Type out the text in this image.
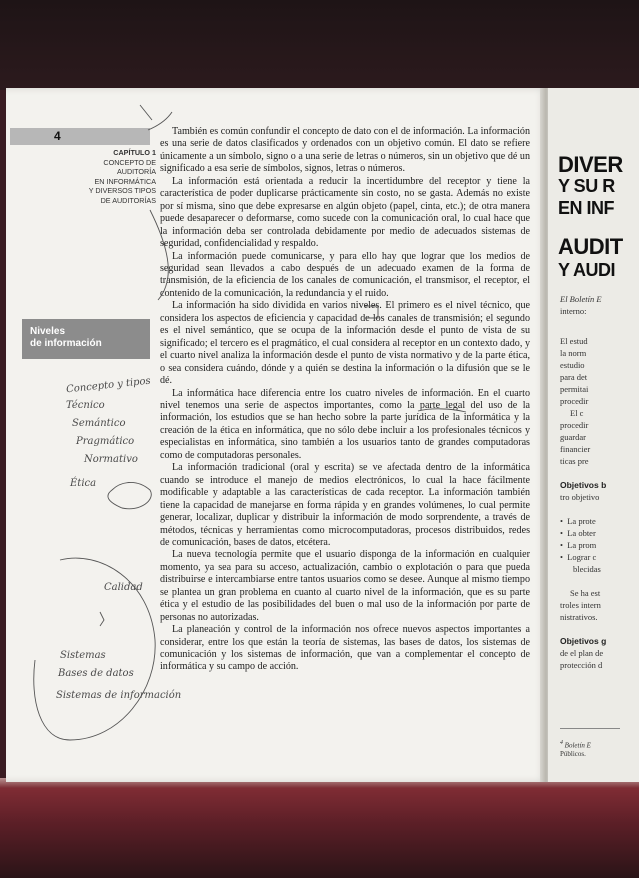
4
CAPÍTULO 1
CONCEPTO DE
AUDITORÍA
EN INFORMÁTICA
Y DIVERSOS TIPOS
DE AUDITORÍAS
Niveles
de información

También es común confundir el concepto de dato con el de información. La información es una serie de datos clasificados y ordenados con un objetivo común. El dato se refiere únicamente a un símbolo, signo o a una serie de letras o números, sin un objetivo que dé un significado a esa serie de símbolos, signos, letras o números.

La información está orientada a reducir la incertidumbre del receptor y tiene la característica de poder duplicarse prácticamente sin costo, no se gasta. Además no existe por sí misma, sino que debe expresarse en algún objeto (papel, cinta, etc.); de otra manera puede desaparecer o deformarse, como sucede con la comunicación oral, lo cual hace que la información deba ser controlada debidamente por medio de adecuados sistemas de seguridad, confidencialidad y respaldo.

La información puede comunicarse, y para ello hay que lograr que los medios de seguridad sean llevados a cabo después de un adecuado examen de la forma de transmisión, de la eficiencia de los canales de comunicación, el transmisor, el receptor, el contenido de la comunicación, la redundancia y el ruido.

La información ha sido dividida en varios niveles. El primero es el nivel técnico, que considera los aspectos de eficiencia y capacidad de los canales de transmisión; el segundo es el nivel semántico, que se ocupa de la información desde el punto de vista de su significado; el tercero es el pragmático, el cual considera al receptor en un contexto dado, y el cuarto nivel analiza la información desde el punto de vista normativo y de la parte ética, o sea considera cuándo, dónde y a quién se destina la información o la difusión que se le dé.

La informática hace diferencia entre los cuatro niveles de información. En el cuarto nivel tenemos una serie de aspectos importantes, como la parte legal del uso de la información, los estudios que se han hecho sobre la parte jurídica de la informática y la creación de la ética en informática, que no sólo debe incluir a los profesionales técnicos y especialistas en informática, sino también a los usuarios tanto de grandes computadoras como de computadoras personales.

La información tradicional (oral y escrita) se ve afectada dentro de la informática cuando se introduce el manejo de medios electrónicos, lo cual la hace fácilmente modificable y adaptable a las características de cada receptor. La información también tiene la capacidad de manejarse en forma rápida y en grandes volúmenes, lo cual permite generar, localizar, duplicar y distribuir la información de modo sorprendente, a través de métodos, técnicas y herramientas como microcomputadoras, procesos distribuidos, redes de comunicación, bases de datos, etcétera.

La nueva tecnología permite que el usuario disponga de la información en cualquier momento, ya sea para su acceso, actualización, cambio o explotación o para que pueda distribuirse e intercambiarse entre tantos usuarios como se desee. Aunque al mismo tiempo se plantea un gran problema en cuanto al cuarto nivel de la información, que es su parte ética y el estudio de las posibilidades del buen o mal uso de la información por parte de personas no autorizadas.

La planeación y control de la información nos ofrece nuevos aspectos importantes a considerar, entre los que están la teoría de sistemas, las bases de datos, los sistemas de comunicación y los sistemas de información, que van a complementar el concepto de informática y su campo de acción.

Concepto y tipos
Técnico
Semántico
Pragmático
Normativo
Ética
Calidad
Sistemas
Bases de datos
Sistemas de información
DIVER
Y SU R
EN INF
AUDIT
Y AUDI
El Boletín E
interno:
El estud
la norm
estudio
para det
permitai
procedir
El c
procedir
guardar
financier
ticas pre
Objetivos b
tro objetivo
•  La prote
•  La obter
•  La prom
•  Lograr c
blecidas
Se ha est
troles intern
nistrativos.
Objetivos g
de el plan de
protección d
$^4$ Boletín E
Públicos.
